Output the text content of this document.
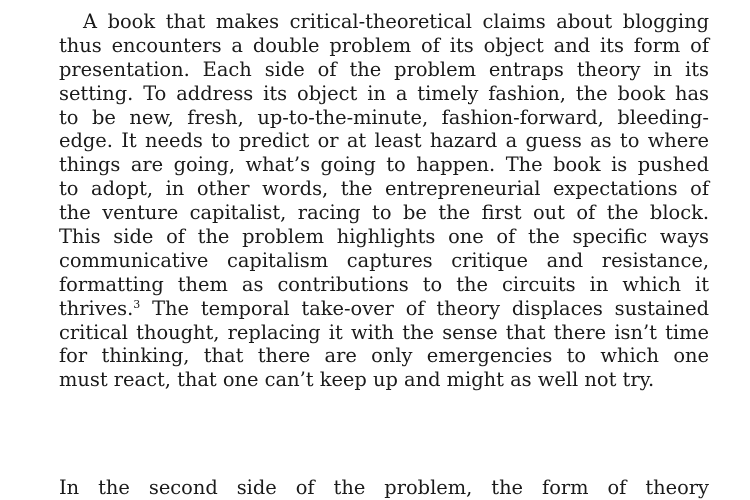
A book that makes critical-theoretical claims about blogging
thus encounters a double problem of its object and its form of
presentation. Each side of the problem entraps theory in its
setting. To address its object in a timely fashion, the book has
to be new, fresh, up-to-the-minute, fashion-forward, bleeding-
edge. It needs to predict or at least hazard a guess as to where
things are going, what’s going to happen. The book is pushed
to adopt, in other words, the entrepreneurial expectations of
the venture capitalist, racing to be the first out of the block.
This side of the problem highlights one of the specific ways
communicative capitalism captures critique and resistance,
formatting them as contributions to the circuits in which it
thrives.$^3$ The temporal take-over of theory displaces sustained
critical thought, replacing it with the sense that there isn’t time
for thinking, that there are only emergencies to which one
must react, that one can’t keep up and might as well not try.
In the second side of the problem, the form of theory
